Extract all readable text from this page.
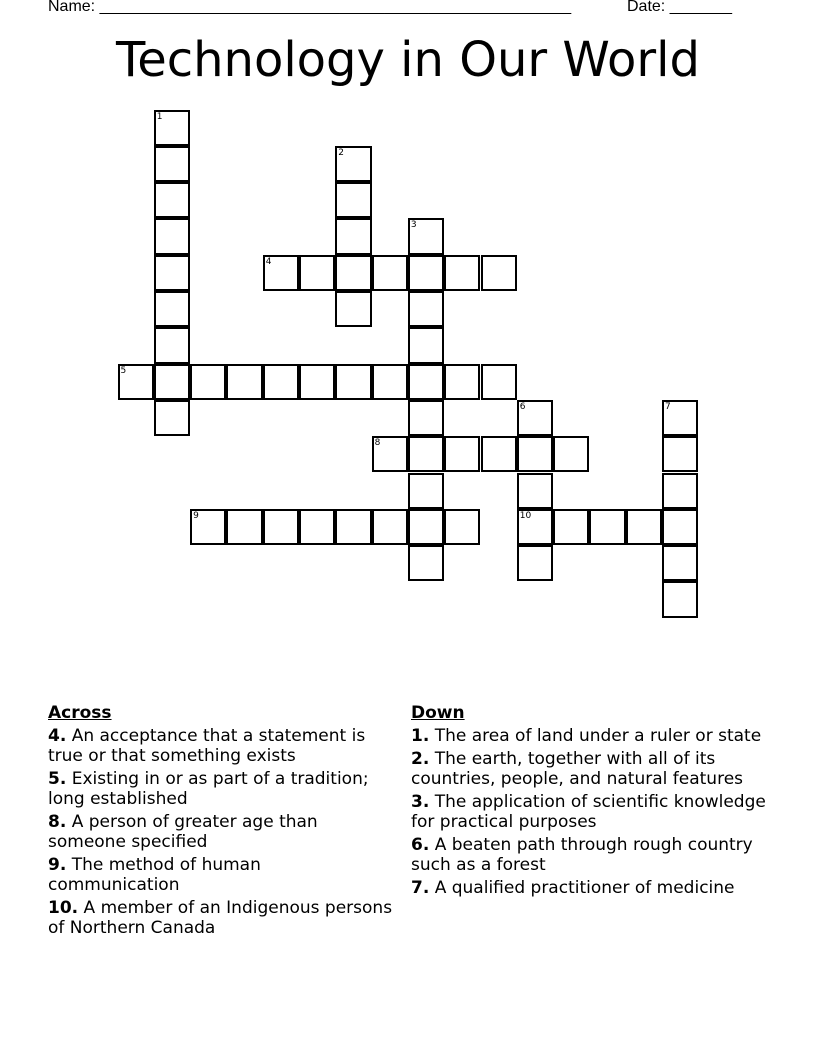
Name: _____________________________________________________	Date: _______
Technology in Our World
1
2
3
4
5
6
10
7
8
9
Across
4. An acceptance that a statement is true or that something exists
5. Existing in or as part of a tradition; long established
8. A person of greater age than someone specified
9. The method of human communication
10. A member of an Indigenous persons of Northern Canada
Down
1. The area of land under a ruler or state
2. The earth, together with all of its countries, people, and natural features
3. The application of scientific knowledge for practical purposes
6. A beaten path through rough country such as a forest
7. A qualified practitioner of medicine
